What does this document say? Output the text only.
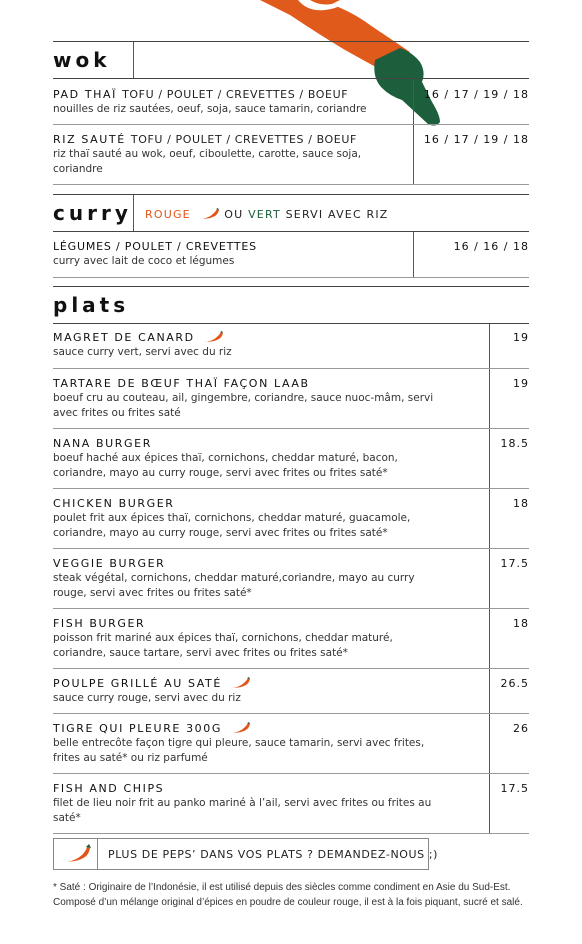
wok
PAD THAÏ TOFU / POULET / CREVETTES / BOEUF
nouilles de riz sautées, oeuf, soja, sauce tamarin, coriandre
16 / 17 / 19 / 18
RIZ SAUTÉ TOFU / POULET / CREVETTES / BOEUF
riz thaï sauté au wok, oeuf, ciboulette, carotte, sauce soja, coriandre
16 / 17 / 19 / 18
curry ROUGE	OU VERT SERVI AVEC RIZ
LÉGUMES / POULET / CREVETTES
curry avec lait de coco et légumes
16 / 16 / 18
plats
MAGRET DE CANARD
sauce curry vert, servi avec du riz
19
TARTARE DE BŒUF THAÏ FAÇON LAAB
boeuf cru au couteau, ail, gingembre, coriandre, sauce nuoc-mâm, servi avec frites ou frites saté
19
NANA BURGER
boeuf haché aux épices thaï, cornichons, cheddar maturé, bacon, coriandre, mayo au curry rouge, servi avec frites ou frites saté*
18.5
CHICKEN BURGER
poulet frit aux épices thaï, cornichons, cheddar maturé, guacamole, coriandre, mayo au curry rouge, servi avec frites ou frites saté*
18
VEGGIE BURGER
steak végétal, cornichons, cheddar maturé,coriandre, mayo au curry rouge, servi avec frites ou frites saté*
17.5
FISH BURGER
poisson frit mariné aux épices thaï, cornichons, cheddar maturé, coriandre, sauce tartare, servi avec frites ou frites saté*
18
POULPE GRILLÉ AU SATÉ
sauce curry rouge, servi avec du riz
26.5
TIGRE QUI PLEURE 300G
belle entrecôte façon tigre qui pleure, sauce tamarin, servi avec frites, frites au saté* ou riz parfumé
26
FISH AND CHIPS
filet de lieu noir frit au panko mariné à l’ail, servi avec frites ou frites au saté*
17.5
PLUS DE PEPS’ DANS VOS PLATS ? DEMANDEZ-NOUS ;)
* Saté : Originaire de l’Indonésie, il est utilisé depuis des siècles comme condiment en Asie du Sud-Est.
Composé d’un mélange original d’épices en poudre de couleur rouge, il est à la fois piquant, sucré et salé.
